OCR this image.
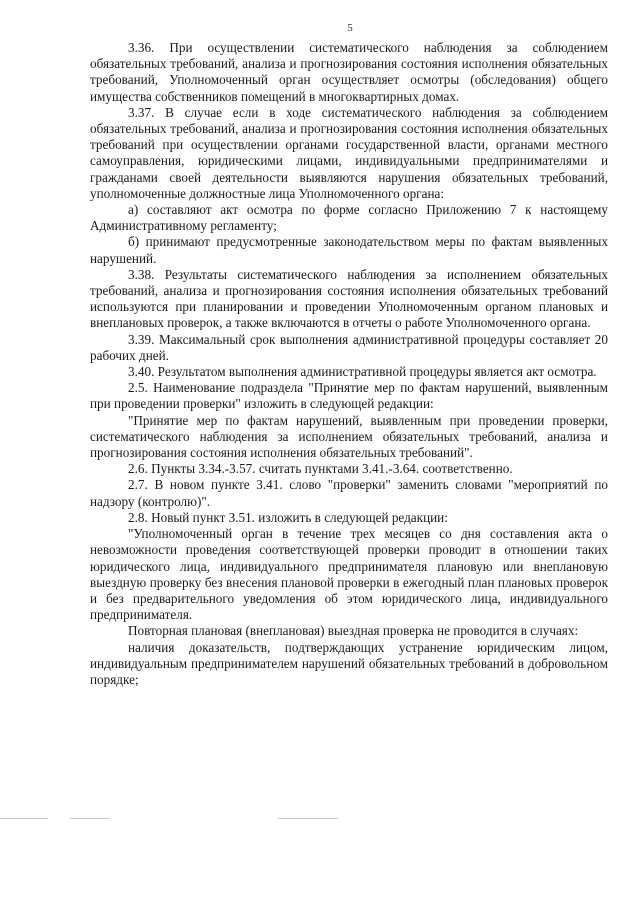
5

3.36. При осуществлении систематического наблюдения за соблюдением обязательных требований, анализа и прогнозирования состояния исполнения обязательных требований, Уполномоченный орган осуществляет осмотры (обследования) общего имущества собственников помещений в многоквартирных домах.

3.37. В случае если в ходе систематического наблюдения за соблюдением обязательных требований, анализа и прогнозирования состояния исполнения обязательных требований при осуществлении органами государственной власти, органами местного самоуправления, юридическими лицами, индивидуальными предпринимателями и гражданами своей деятельности выявляются нарушения обязательных требований, уполномоченные должностные лица Уполномоченного органа:

а) составляют акт осмотра по форме согласно Приложению 7 к настоящему Административному регламенту;

б) принимают предусмотренные законодательством меры по фактам выявленных нарушений.

3.38. Результаты систематического наблюдения за исполнением обязательных требований, анализа и прогнозирования состояния исполнения обязательных требований используются при планировании и проведении Уполномоченным органом плановых и внеплановых проверок, а также включаются в отчеты о работе Уполномоченного органа.

3.39. Максимальный срок выполнения административной процедуры составляет 20 рабочих дней.

3.40. Результатом выполнения административной процедуры является акт осмотра.

2.5. Наименование подраздела "Принятие мер по фактам нарушений, выявленным при проведении проверки" изложить в следующей редакции:

"Принятие мер по фактам нарушений, выявленным при проведении проверки, систематического наблюдения за исполнением обязательных требований, анализа и прогнозирования состояния исполнения обязательных требований".

2.6. Пункты 3.34.-3.57. считать пунктами 3.41.-3.64. соответственно.

2.7. В новом пункте 3.41. слово "проверки" заменить словами "мероприятий по надзору (контролю)".

2.8. Новый пункт 3.51. изложить в следующей редакции:

"Уполномоченный орган в течение трех месяцев со дня составления акта о невозможности проведения соответствующей проверки проводит в отношении таких юридического лица, индивидуального предпринимателя плановую или внеплановую выездную проверку без внесения плановой проверки в ежегодный план плановых проверок и без предварительного уведомления об этом юридического лица, индивидуального предпринимателя.

Повторная плановая (внеплановая) выездная проверка не проводится в случаях:

наличия доказательств, подтверждающих устранение юридическим лицом, индивидуальным предпринимателем нарушений обязательных требований в добровольном порядке;
